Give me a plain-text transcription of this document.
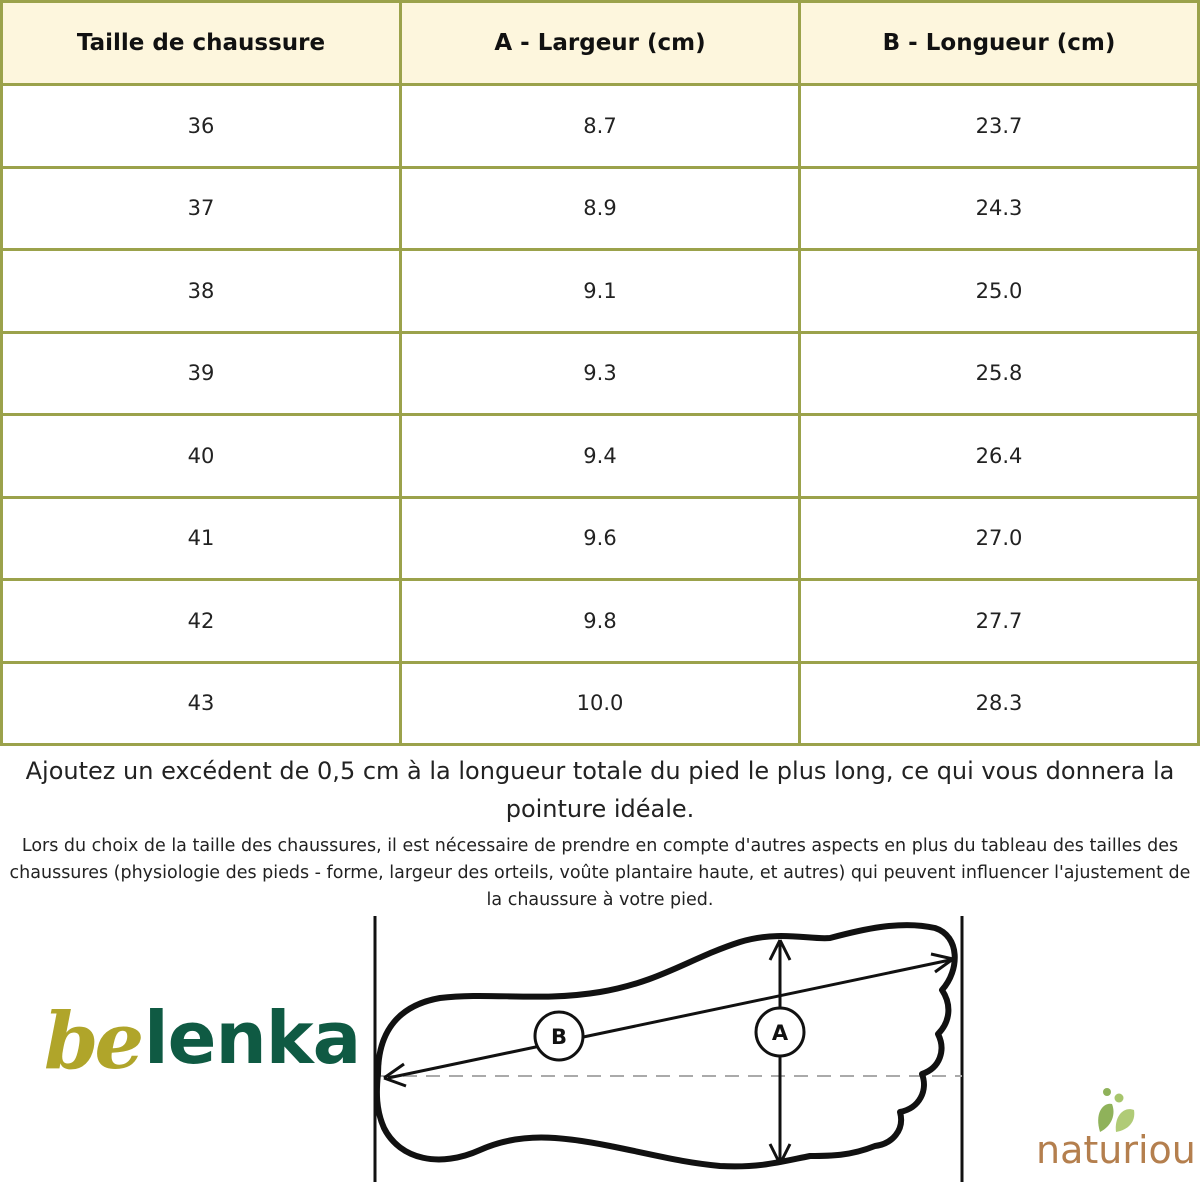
Taille de chaussure	A - Largeur (cm)	B - Longueur (cm)
36	8.7	23.7
37	8.9	24.3
38	9.1	25.0
39	9.3	25.8
40	9.4	26.4
41	9.6	27.0
42	9.8	27.7
43	10.0	28.3
Ajoutez un excédent de 0,5 cm à la longueur totale du pied le plus long, ce qui vous donnera la pointure idéale.
Lors du choix de la taille des chaussures, il est nécessaire de prendre en compte d'autres aspects en plus du tableau des tailles des chaussures (physiologie des pieds - forme, largeur des orteils, voûte plantaire haute, et autres) qui peuvent influencer l'ajustement de la chaussure à votre pied.
be lenka	B	A
naturiou
